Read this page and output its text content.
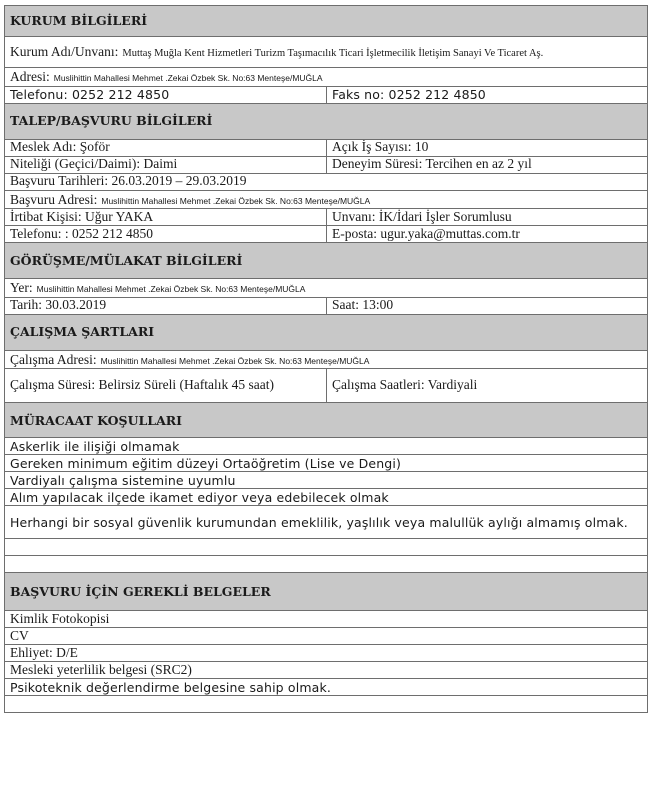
KURUM BİLGİLERİ	
Kurum Adı/Unvanı: Muttaş Muğla Kent Hizmetleri Turizm Taşımacılık Ticari İşletmecilik İletişim Sanayi Ve Ticaret Aş.	
Adresi: Muslihittin Mahallesi Mehmet .Zekai Özbek Sk. No:63 Menteşe/MUĞLA	
Telefonu: 0252 212 4850	Faks no: 0252 212 4850
TALEP/BAŞVURU BİLGİLERİ	
Meslek Adı: Şoför	Açık İş Sayısı: 10
Niteliği (Geçici/Daimi): Daimi	Deneyim Süresi: Tercihen en az 2 yıl
Başvuru Tarihleri: 26.03.2019 – 29.03.2019	
Başvuru Adresi: Muslihittin Mahallesi Mehmet .Zekai Özbek Sk. No:63 Menteşe/MUĞLA	
İrtibat Kişisi: Uğur YAKA	Unvanı: İK/İdari İşler Sorumlusu
Telefonu: : 0252 212 4850	E-posta: ugur.yaka@muttas.com.tr
GÖRÜŞME/MÜLAKAT BİLGİLERİ	
Yer: Muslihittin Mahallesi Mehmet .Zekai Özbek Sk. No:63 Menteşe/MUĞLA	
Tarih: 30.03.2019	Saat: 13:00
ÇALIŞMA ŞARTLARI	
Çalışma Adresi: Muslihittin Mahallesi Mehmet .Zekai Özbek Sk. No:63 Menteşe/MUĞLA	
Çalışma Süresi: Belirsiz Süreli (Haftalık 45 saat)	Çalışma Saatleri: Vardiyali
MÜRACAAT KOŞULLARI	
Askerlik ile ilişiği olmamak	
Gereken minimum eğitim düzeyi Ortaöğretim (Lise ve Dengi)	
Vardiyalı çalışma sistemine uyumlu	
Alım yapılacak ilçede ikamet ediyor veya edebilecek olmak	
Herhangi bir sosyal güvenlik kurumundan emeklilik, yaşlılık veya malullük aylığı almamış olmak.	

BAŞVURU İÇİN GEREKLİ BELGELER	
Kimlik Fotokopisi	
CV	
Ehliyet: D/E	
Mesleki yeterlilik belgesi (SRC2)	
Psikoteknik değerlendirme belgesine sahip olmak.	
